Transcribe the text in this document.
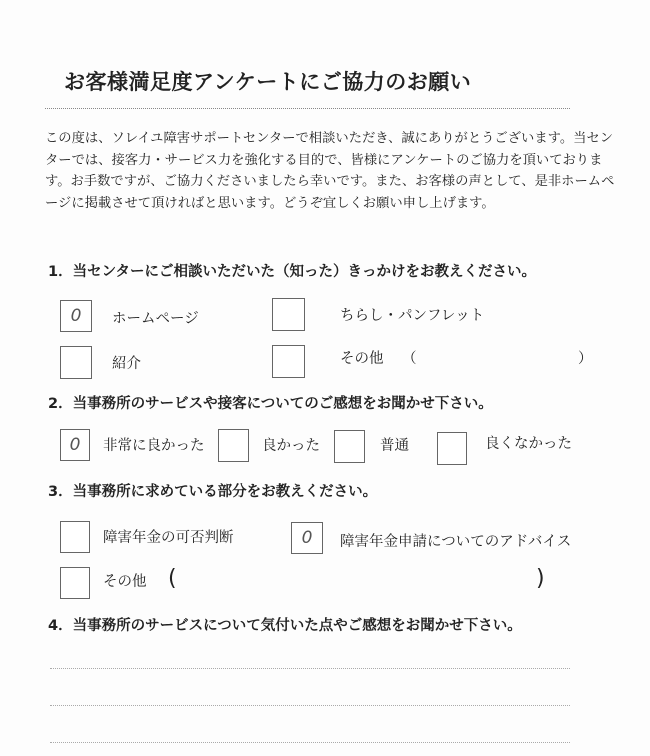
お客様満足度アンケートにご協力のお願い
この度は、ソレイユ障害サポートセンターで相談いただき、誠にありがとうございます。当センターでは、接客力・サービス力を強化する目的で、皆様にアンケートのご協力を頂いております。お手数ですが、ご協力くださいましたら幸いです。また、お客様の声として、是非ホームページに掲載させて頂ければと思います。どうぞ宜しくお願い申し上げます。
1．当センターにご相談いただいた（知った）きっかけをお教えください。
0	ホームページ	ちらし・パンフレット
紹介	その他 （	）
2．当事務所のサービスや接客についてのご感想をお聞かせ下さい。
0	非常に良かった	良かった	普通	良くなかった
3．当事務所に求めている部分をお教えください。
障害年金の可否判断	0	障害年金申請についてのアドバイス
その他 (	)
4．当事務所のサービスについて気付いた点やご感想をお聞かせ下さい。
